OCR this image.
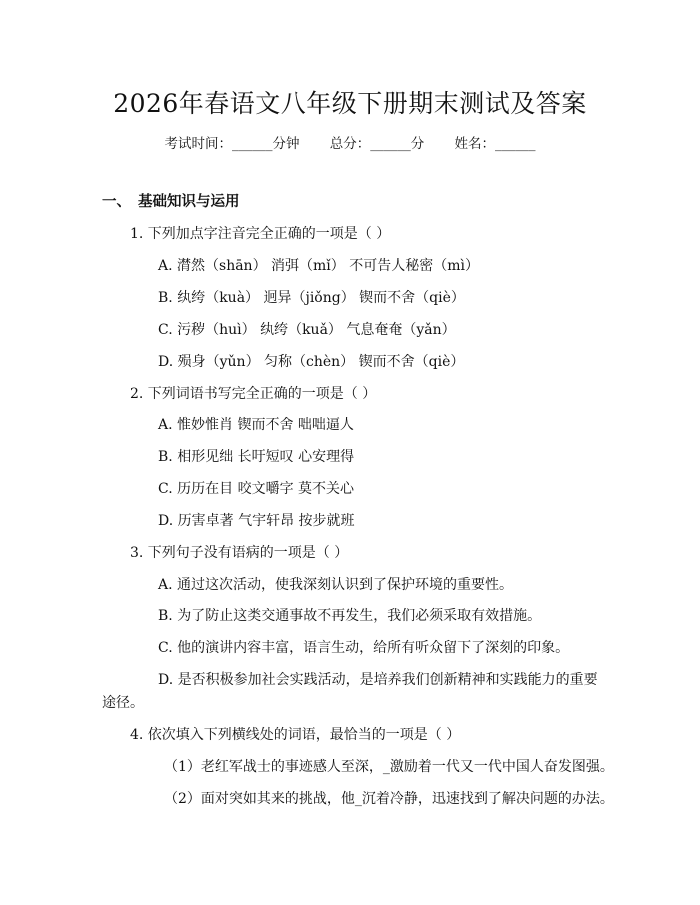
2026年春语文八年级下册期末测试及答案
考试时间：______分钟 总分：______分 姓名：______
一、 基础知识与运用
1. 下列加点字注音完全正确的一项是（ ）
A. 潸然（shān） 消弭（mǐ） 不可告人秘密（mì）
B. 纨绔（kuà） 迥异（jiǒng） 锲而不舍（qiè）
C. 污秽（huì） 纨绔（kuǎ） 气息奄奄（yǎn）
D. 殒身（yǔn） 匀称（chèn） 锲而不舍（qiè）
2. 下列词语书写完全正确的一项是（ ）
A. 惟妙惟肖 锲而不舍 咄咄逼人
B. 相形见绌 长吁短叹 心安理得
C. 历历在目 咬文嚼字 莫不关心
D. 历害卓著 气宇轩昂 按步就班
3. 下列句子没有语病的一项是（ ）
A. 通过这次活动，使我深刻认识到了保护环境的重要性。
B. 为了防止这类交通事故不再发生，我们必须采取有效措施。
C. 他的演讲内容丰富，语言生动，给所有听众留下了深刻的印象。
D. 是否积极参加社会实践活动，是培养我们创新精神和实践能力的重要
途径。
4. 依次填入下列横线处的词语，最恰当的一项是（ ）
（1）老红军战士的事迹感人至深，_激励着一代又一代中国人奋发图强。
（2）面对突如其来的挑战，他_沉着冷静，迅速找到了解决问题的办法。
